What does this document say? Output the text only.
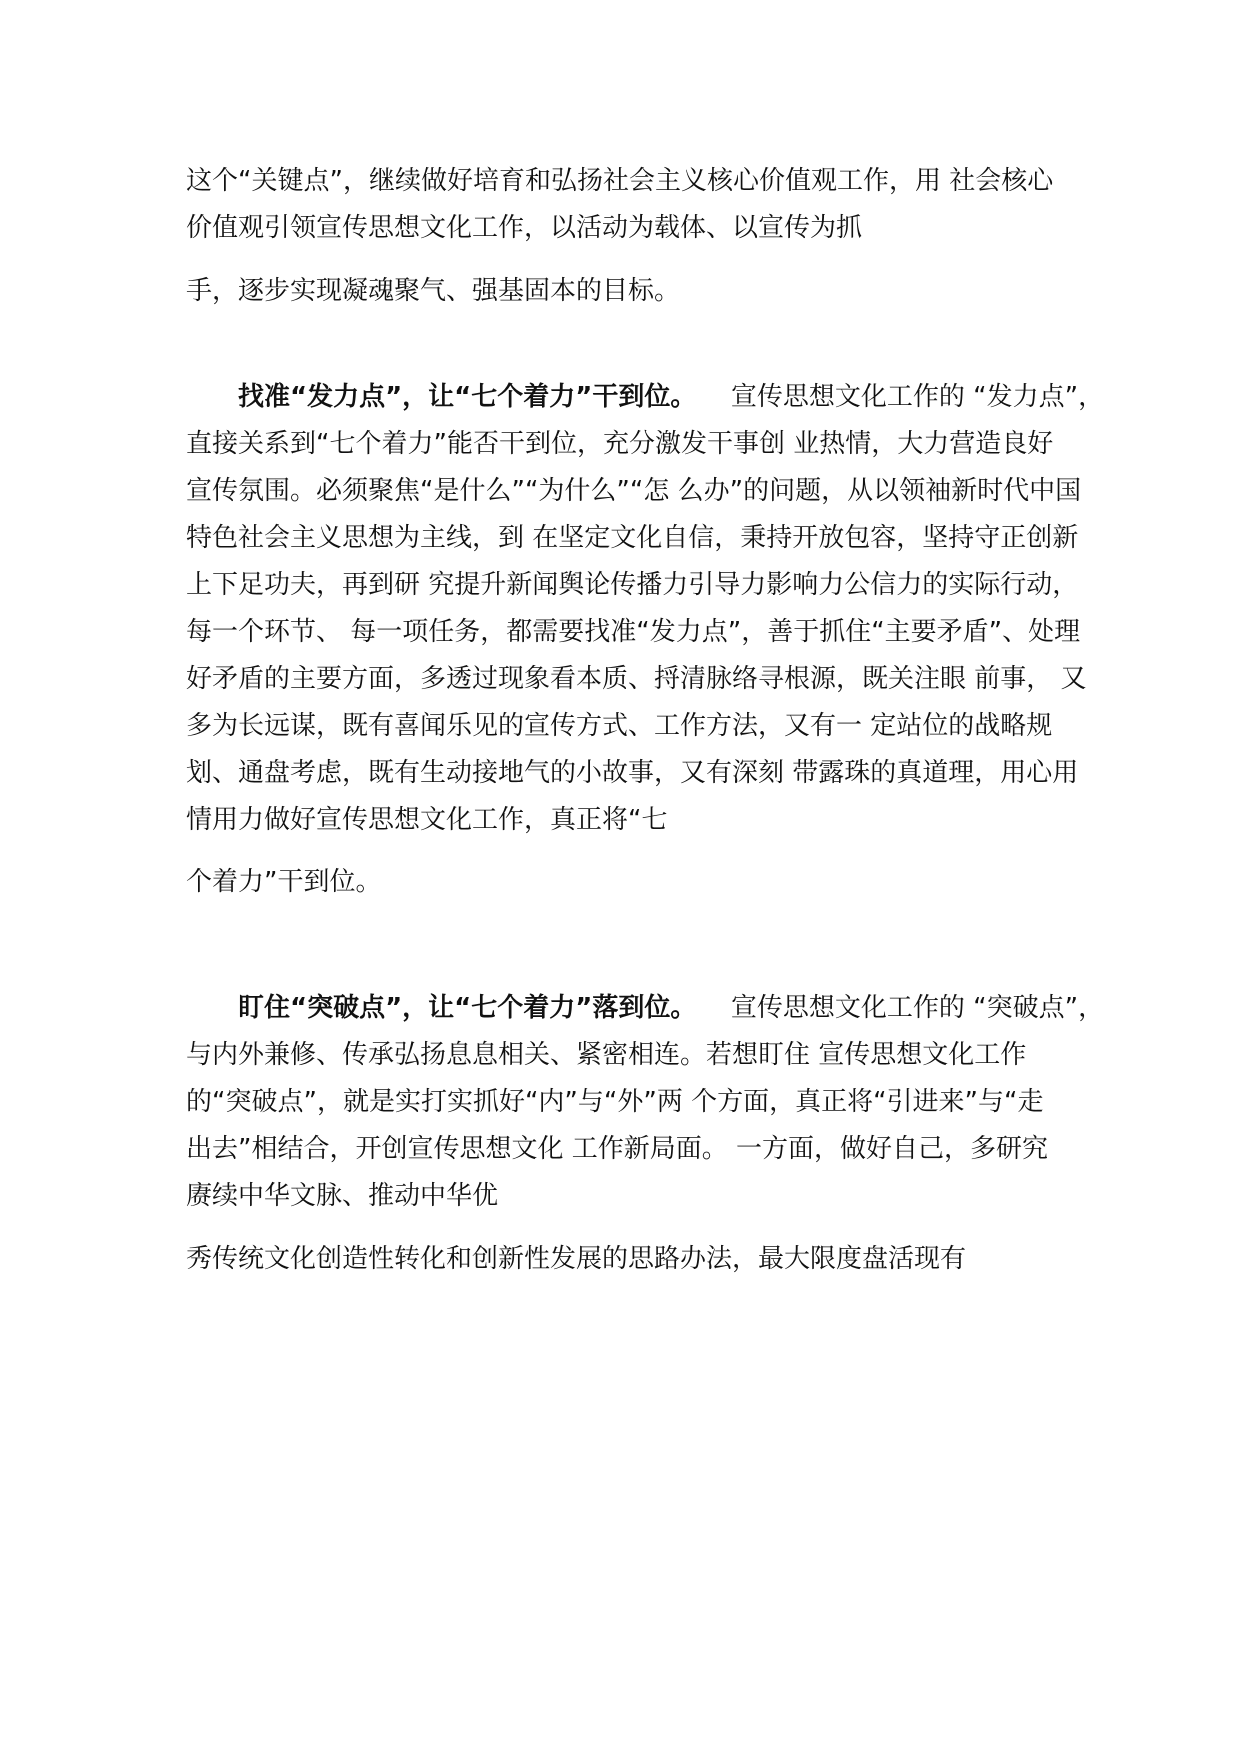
这个“关键点”，继续做好培育和弘扬社会主义核心价值观工作，用 社会核心
价值观引领宣传思想文化工作，以活动为载体、以宣传为抓
手，逐步实现凝魂聚气、强基固本的目标。
找准“发力点”，让“七个着力”干到位。 宣传思想文化工作的 “发力点”，
直接关系到“七个着力”能否干到位，充分激发干事创 业热情，大力营造良好
宣传氛围。必须聚焦“是什么”“为什么”“怎 么办”的问题，从以领袖新时代中国
特色社会主义思想为主线，到 在坚定文化自信，秉持开放包容，坚持守正创新
上下足功夫，再到研 究提升新闻舆论传播力引导力影响力公信力的实际行动，
每一个环节、 每一项任务，都需要找准“发力点”，善于抓住“主要矛盾”、处理
好矛盾的主要方面，多透过现象看本质、捋清脉络寻根源，既关注眼 前事， 又
多为长远谋，既有喜闻乐见的宣传方式、工作方法，又有一 定站位的战略规
划、通盘考虑，既有生动接地气的小故事，又有深刻 带露珠的真道理，用心用
情用力做好宣传思想文化工作，真正将“七
个着力”干到位。
盯住“突破点”，让“七个着力”落到位。 宣传思想文化工作的 “突破点”，
与内外兼修、传承弘扬息息相关、紧密相连。若想盯住 宣传思想文化工作
的“突破点”，就是实打实抓好“内”与“外”两 个方面，真正将“引进来”与“走
出去”相结合，开创宣传思想文化 工作新局面。 一方面，做好自己，多研究
赓续中华文脉、推动中华优
秀传统文化创造性转化和创新性发展的思路办法，最大限度盘活现有
